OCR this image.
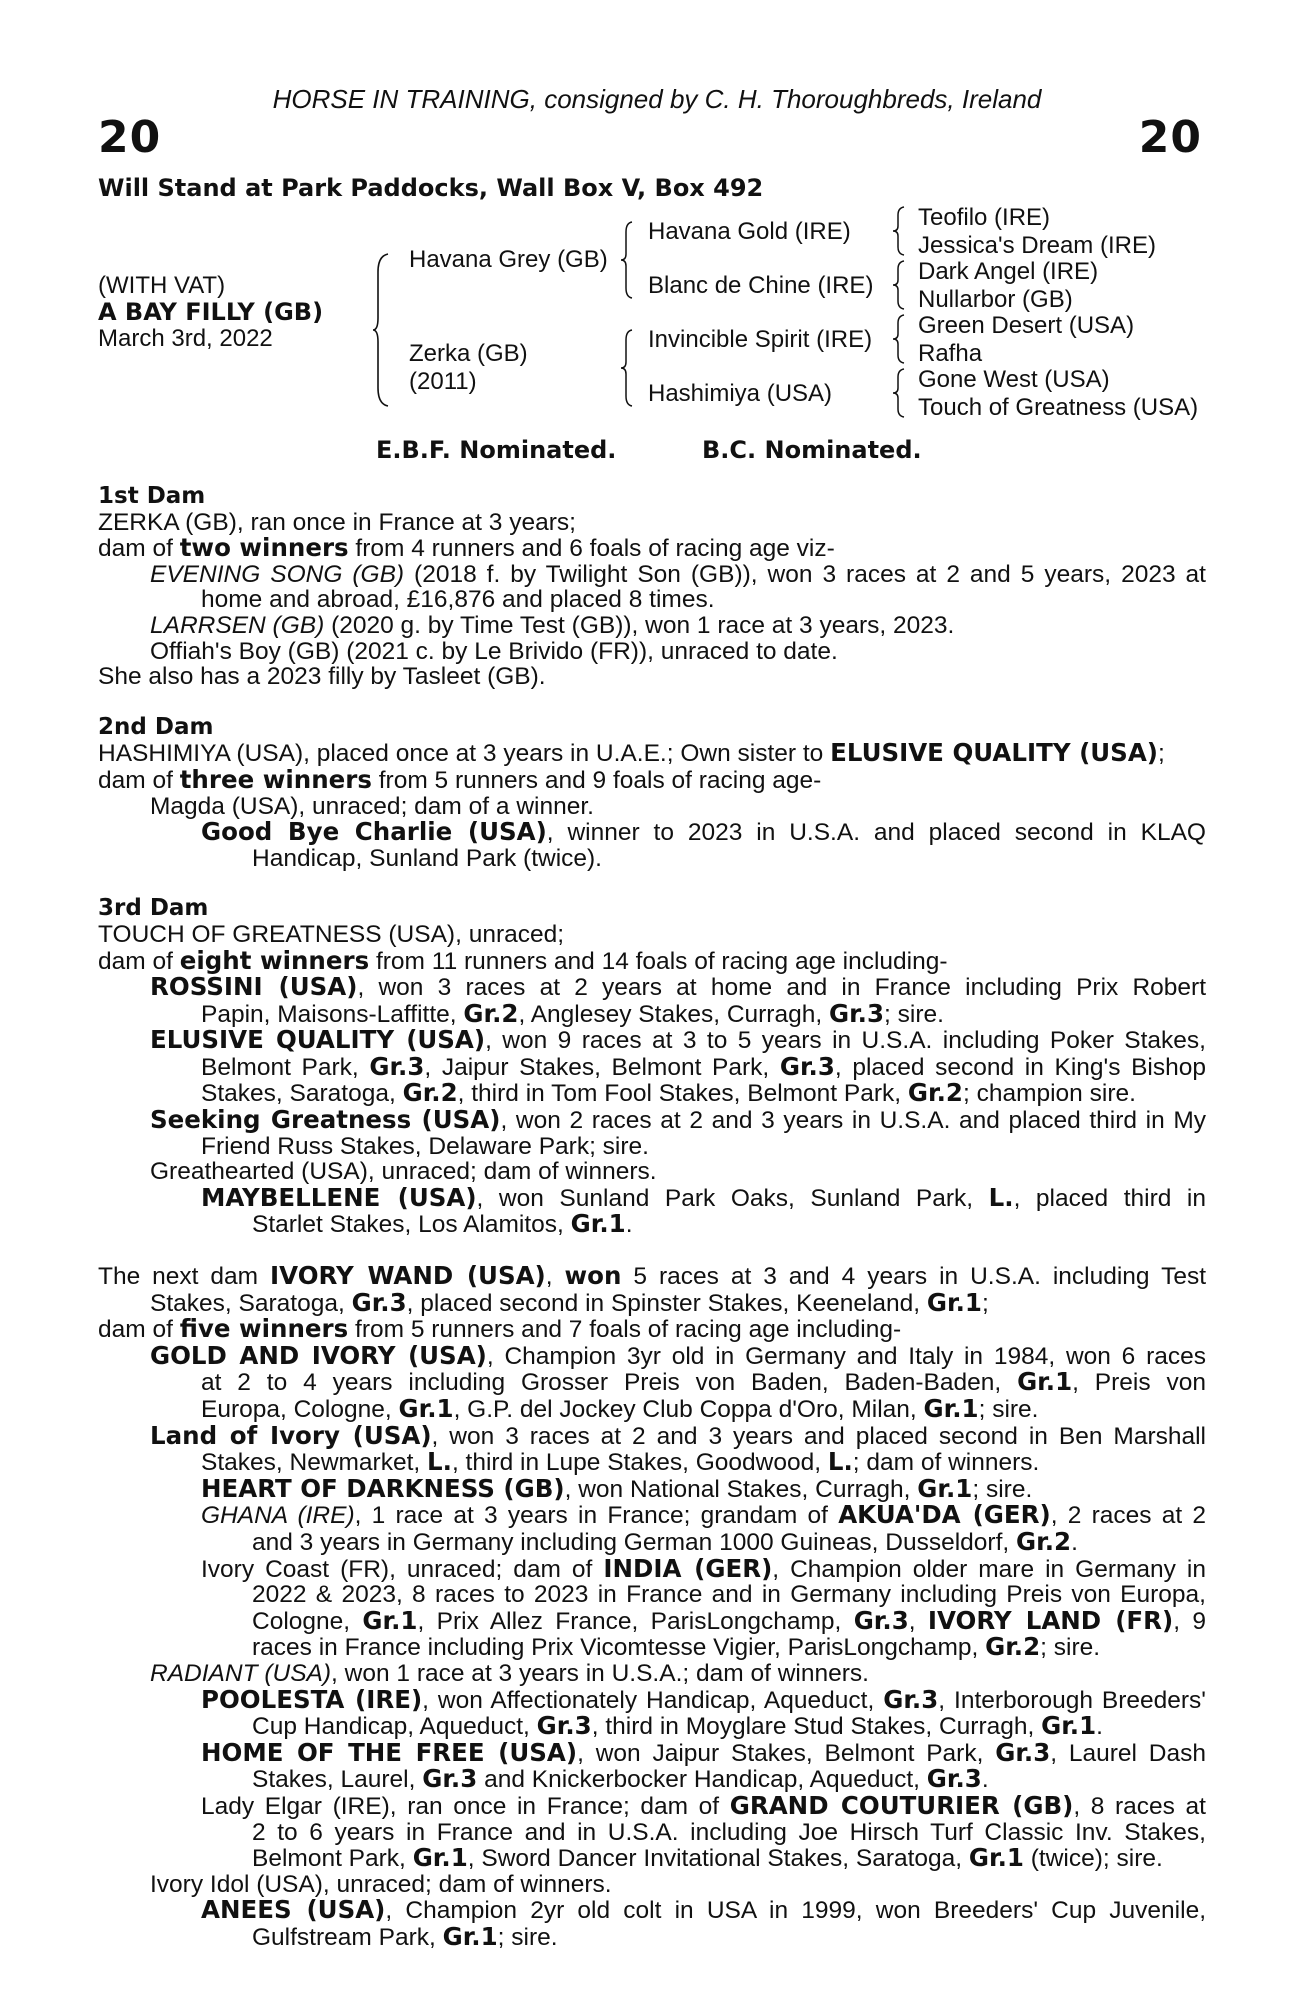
HORSE IN TRAINING, consigned by C. H. Thoroughbreds, Ireland
20	20
Will Stand at Park Paddocks, Wall Box V, Box 492
(WITH VAT)
A BAY FILLY (GB)
March 3rd, 2022
Havana Grey (GB)
Zerka (GB)
(2011)
Havana Gold (IRE)
Blanc de Chine (IRE)
Invincible Spirit (IRE)
Hashimiya (USA)
Teofilo (IRE)
Jessica's Dream (IRE)
Dark Angel (IRE)
Nullarbor (GB)
Green Desert (USA)
Rafha
Gone West (USA)
Touch of Greatness (USA)
E.B.F. Nominated.	B.C. Nominated.
1st Dam
ZERKA (GB), ran once in France at 3 years;
dam of two winners from 4 runners and 6 foals of racing age viz-
EVENING SONG (GB) (2018 f. by Twilight Son (GB)), won 3 races at 2 and 5 years, 2023 at
home and abroad, £16,876 and placed 8 times.
LARRSEN (GB) (2020 g. by Time Test (GB)), won 1 race at 3 years, 2023.
Offiah's Boy (GB) (2021 c. by Le Brivido (FR)), unraced to date.
She also has a 2023 filly by Tasleet (GB).
2nd Dam
HASHIMIYA (USA), placed once at 3 years in U.A.E.; Own sister to ELUSIVE QUALITY (USA);
dam of three winners from 5 runners and 9 foals of racing age-
Magda (USA), unraced; dam of a winner.
Good Bye Charlie (USA), winner to 2023 in U.S.A. and placed second in KLAQ
Handicap, Sunland Park (twice).
3rd Dam
TOUCH OF GREATNESS (USA), unraced;
dam of eight winners from 11 runners and 14 foals of racing age including-
ROSSINI (USA), won 3 races at 2 years at home and in France including Prix Robert
Papin, Maisons-Laffitte, Gr.2, Anglesey Stakes, Curragh, Gr.3; sire.
ELUSIVE QUALITY (USA), won 9 races at 3 to 5 years in U.S.A. including Poker Stakes,
Belmont Park, Gr.3, Jaipur Stakes, Belmont Park, Gr.3, placed second in King's Bishop
Stakes, Saratoga, Gr.2, third in Tom Fool Stakes, Belmont Park, Gr.2; champion sire.
Seeking Greatness (USA), won 2 races at 2 and 3 years in U.S.A. and placed third in My
Friend Russ Stakes, Delaware Park; sire.
Greathearted (USA), unraced; dam of winners.
MAYBELLENE (USA), won Sunland Park Oaks, Sunland Park, L., placed third in
Starlet Stakes, Los Alamitos, Gr.1.
The next dam IVORY WAND (USA), won 5 races at 3 and 4 years in U.S.A. including Test
Stakes, Saratoga, Gr.3, placed second in Spinster Stakes, Keeneland, Gr.1;
dam of five winners from 5 runners and 7 foals of racing age including-
GOLD AND IVORY (USA), Champion 3yr old in Germany and Italy in 1984, won 6 races
at 2 to 4 years including Grosser Preis von Baden, Baden-Baden, Gr.1, Preis von
Europa, Cologne, Gr.1, G.P. del Jockey Club Coppa d'Oro, Milan, Gr.1; sire.
Land of Ivory (USA), won 3 races at 2 and 3 years and placed second in Ben Marshall
Stakes, Newmarket, L., third in Lupe Stakes, Goodwood, L.; dam of winners.
HEART OF DARKNESS (GB), won National Stakes, Curragh, Gr.1; sire.
GHANA (IRE), 1 race at 3 years in France; grandam of AKUA'DA (GER), 2 races at 2
and 3 years in Germany including German 1000 Guineas, Dusseldorf, Gr.2.
Ivory Coast (FR), unraced; dam of INDIA (GER), Champion older mare in Germany in
2022 & 2023, 8 races to 2023 in France and in Germany including Preis von Europa,
Cologne, Gr.1, Prix Allez France, ParisLongchamp, Gr.3, IVORY LAND (FR), 9
races in France including Prix Vicomtesse Vigier, ParisLongchamp, Gr.2; sire.
RADIANT (USA), won 1 race at 3 years in U.S.A.; dam of winners.
POOLESTA (IRE), won Affectionately Handicap, Aqueduct, Gr.3, Interborough Breeders'
Cup Handicap, Aqueduct, Gr.3, third in Moyglare Stud Stakes, Curragh, Gr.1.
HOME OF THE FREE (USA), won Jaipur Stakes, Belmont Park, Gr.3, Laurel Dash
Stakes, Laurel, Gr.3 and Knickerbocker Handicap, Aqueduct, Gr.3.
Lady Elgar (IRE), ran once in France; dam of GRAND COUTURIER (GB), 8 races at
2 to 6 years in France and in U.S.A. including Joe Hirsch Turf Classic Inv. Stakes,
Belmont Park, Gr.1, Sword Dancer Invitational Stakes, Saratoga, Gr.1 (twice); sire.
Ivory Idol (USA), unraced; dam of winners.
ANEES (USA), Champion 2yr old colt in USA in 1999, won Breeders' Cup Juvenile,
Gulfstream Park, Gr.1; sire.
